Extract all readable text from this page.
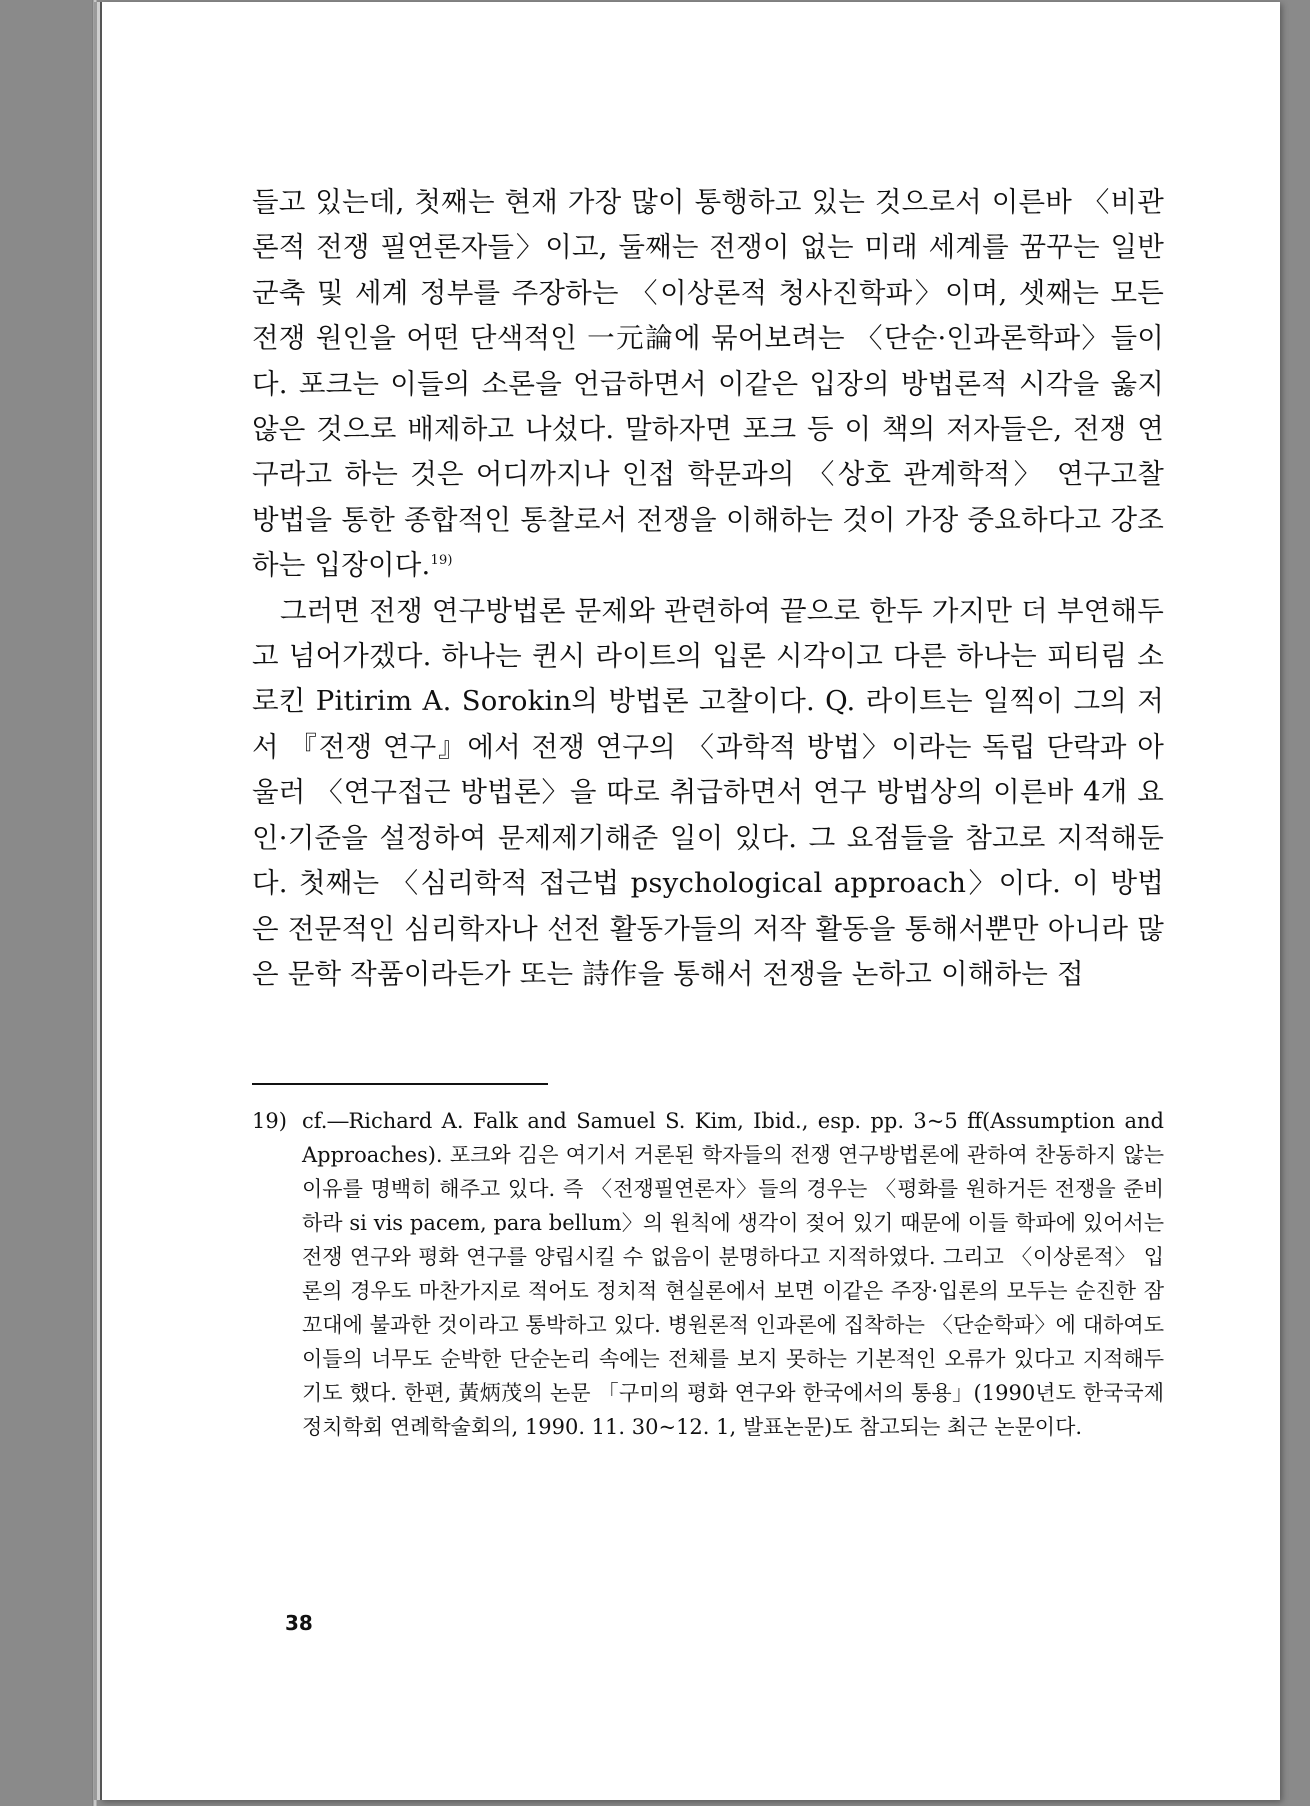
들고 있는데, 첫째는 현재 가장 많이 통행하고 있는 것으로서 이른바 〈비관론적 전쟁 필연론자들〉이고, 둘째는 전쟁이 없는 미래 세계를 꿈꾸는 일반 군축 및 세계 정부를 주장하는 〈이상론적 청사진학파〉이며, 셋째는 모든 전쟁 원인을 어떤 단색적인 一元論에 묶어보려는 〈단순·인과론학파〉들이다. 포크는 이들의 소론을 언급하면서 이같은 입장의 방법론적 시각을 옳지 않은 것으로 배제하고 나섰다. 말하자면 포크 등 이 책의 저자들은, 전쟁 연구라고 하는 것은 어디까지나 인접 학문과의 〈상호 관계학적〉 연구고찰 방법을 통한 종합적인 통찰로서 전쟁을 이해하는 것이 가장 중요하다고 강조하는 입장이다.$^{19)}$

그러면 전쟁 연구방법론 문제와 관련하여 끝으로 한두 가지만 더 부연해두고 넘어가겠다. 하나는 퀸시 라이트의 입론 시각이고 다른 하나는 피티림 소로킨 Pitirim A. Sorokin의 방법론 고찰이다. Q. 라이트는 일찍이 그의 저서 『전쟁 연구』에서 전쟁 연구의 〈과학적 방법〉이라는 독립 단락과 아울러 〈연구접근 방법론〉을 따로 취급하면서 연구 방법상의 이른바 4개 요인·기준을 설정하여 문제제기해준 일이 있다. 그 요점들을 참고로 지적해둔다. 첫째는 〈심리학적 접근법 psychological approach〉이다. 이 방법은 전문적인 심리학자나 선전 활동가들의 저작 활동을 통해서뿐만 아니라 많은 문학 작품이라든가 또는 詩作을 통해서 전쟁을 논하고 이해하는 접

19) cf.―Richard A. Falk and Samuel S. Kim, Ibid., esp. pp. 3~5 ff(Assumption and Approaches). 포크와 김은 여기서 거론된 학자들의 전쟁 연구방법론에 관하여 찬동하지 않는 이유를 명백히 해주고 있다. 즉 〈전쟁필연론자〉들의 경우는 〈평화를 원하거든 전쟁을 준비하라 si vis pacem, para bellum〉의 원칙에 생각이 젖어 있기 때문에 이들 학파에 있어서는 전쟁 연구와 평화 연구를 양립시킬 수 없음이 분명하다고 지적하였다. 그리고 〈이상론적〉 입론의 경우도 마찬가지로 적어도 정치적 현실론에서 보면 이같은 주장·입론의 모두는 순진한 잠꼬대에 불과한 것이라고 통박하고 있다. 병원론적 인과론에 집착하는 〈단순학파〉에 대하여도 이들의 너무도 순박한 단순논리 속에는 전체를 보지 못하는 기본적인 오류가 있다고 지적해두기도 했다. 한편, 黃炳茂의 논문 「구미의 평화 연구와 한국에서의 통용」(1990년도 한국국제정치학회 연례학술회의, 1990. 11. 30~12. 1, 발표논문)도 참고되는 최근 논문이다.
38
